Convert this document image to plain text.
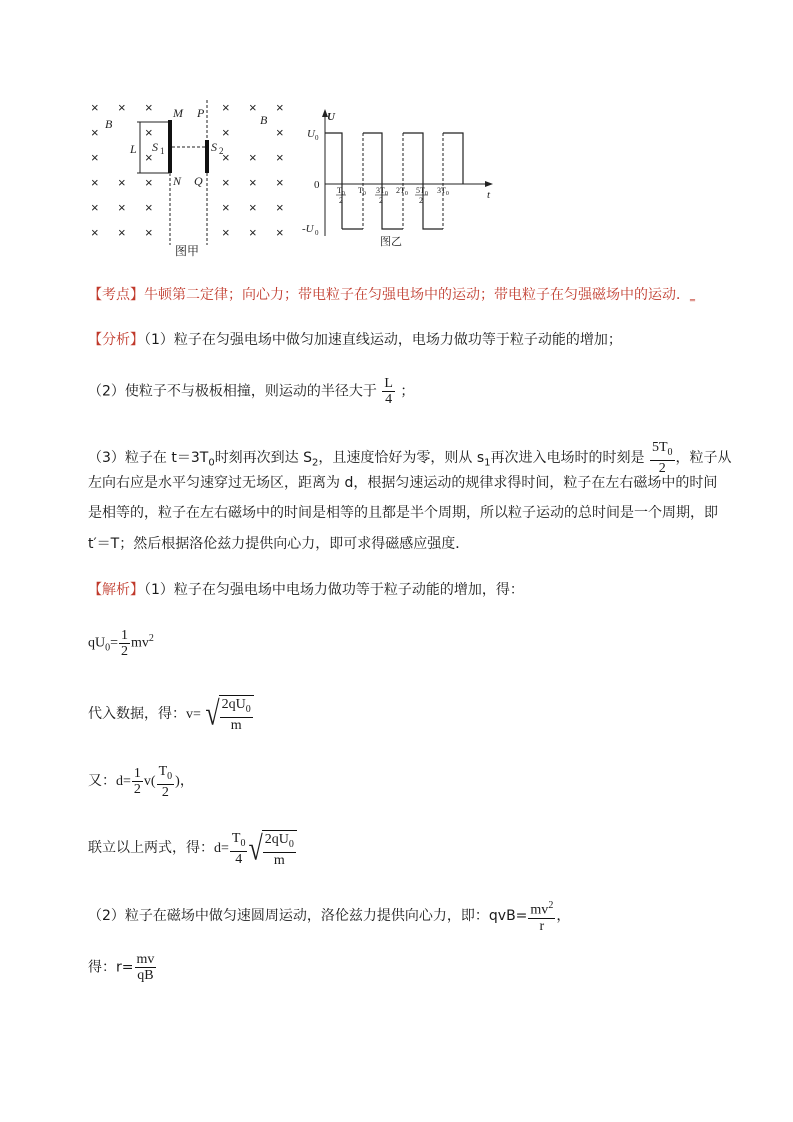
× × ×
×	×
×	×
× × ×
× × ×
× × ×
× × ×
×	×
× × ×
× × ×
× × ×
× × ×
B	B
M P
N Q
L S	S
1	2
图甲
U
U 0
0
-U 0
t
$T_0$
2
$T_0$ $3T_0$
2
$2T_0$ $5T_0$
2
$3T_0$
图乙
【考点】牛顿第二定律；向心力；带电粒子在匀强电场中的运动；带电粒子在匀强磁场中的运动．‗
【分析】（1）粒子在匀强电场中做匀加速直线运动，电场力做功等于粒子动能的增加；
（2）使粒子不与极板相撞，则运动的半径大于 $\frac{L}{4}$ ；
（3）粒子在 $t=3T_0$时刻再次到达 $S_2$，且速度恰好为零，则从 $s_1$再次进入电场时的时刻是 $\frac{5T_0}{2}$ ，粒子从
左向右应是水平匀速穿过无场区，距离为 d，根据匀速运动的规律求得时间，粒子在左右磁场中的时间
是相等的，粒子在左右磁场中的时间是相等的且都是半个周期，所以粒子运动的总时间是一个周期，即
t′＝T；然后根据洛伦兹力提供向心力，即可求得磁感应强度．
【解析】（1）粒子在匀强电场中电场力做功等于粒子动能的增加，得：
$qU_0= \frac{1}{2} mv^2$
代入数据，得：v= √ $\frac{2qU_0}{m}$
又：$d= \frac{1}{2} v( \frac{T_0}{2}$ )，
联立以上两式，得：$d= \frac{T_0}{4}$ √ $\frac{2qU_0}{m}$
（2）粒子在磁场中做匀速圆周运动，洛伦兹力提供向心力，即：$qvB= \frac{mv^2}{r}$ ，
得：$r= \frac{mv}{qB}$
